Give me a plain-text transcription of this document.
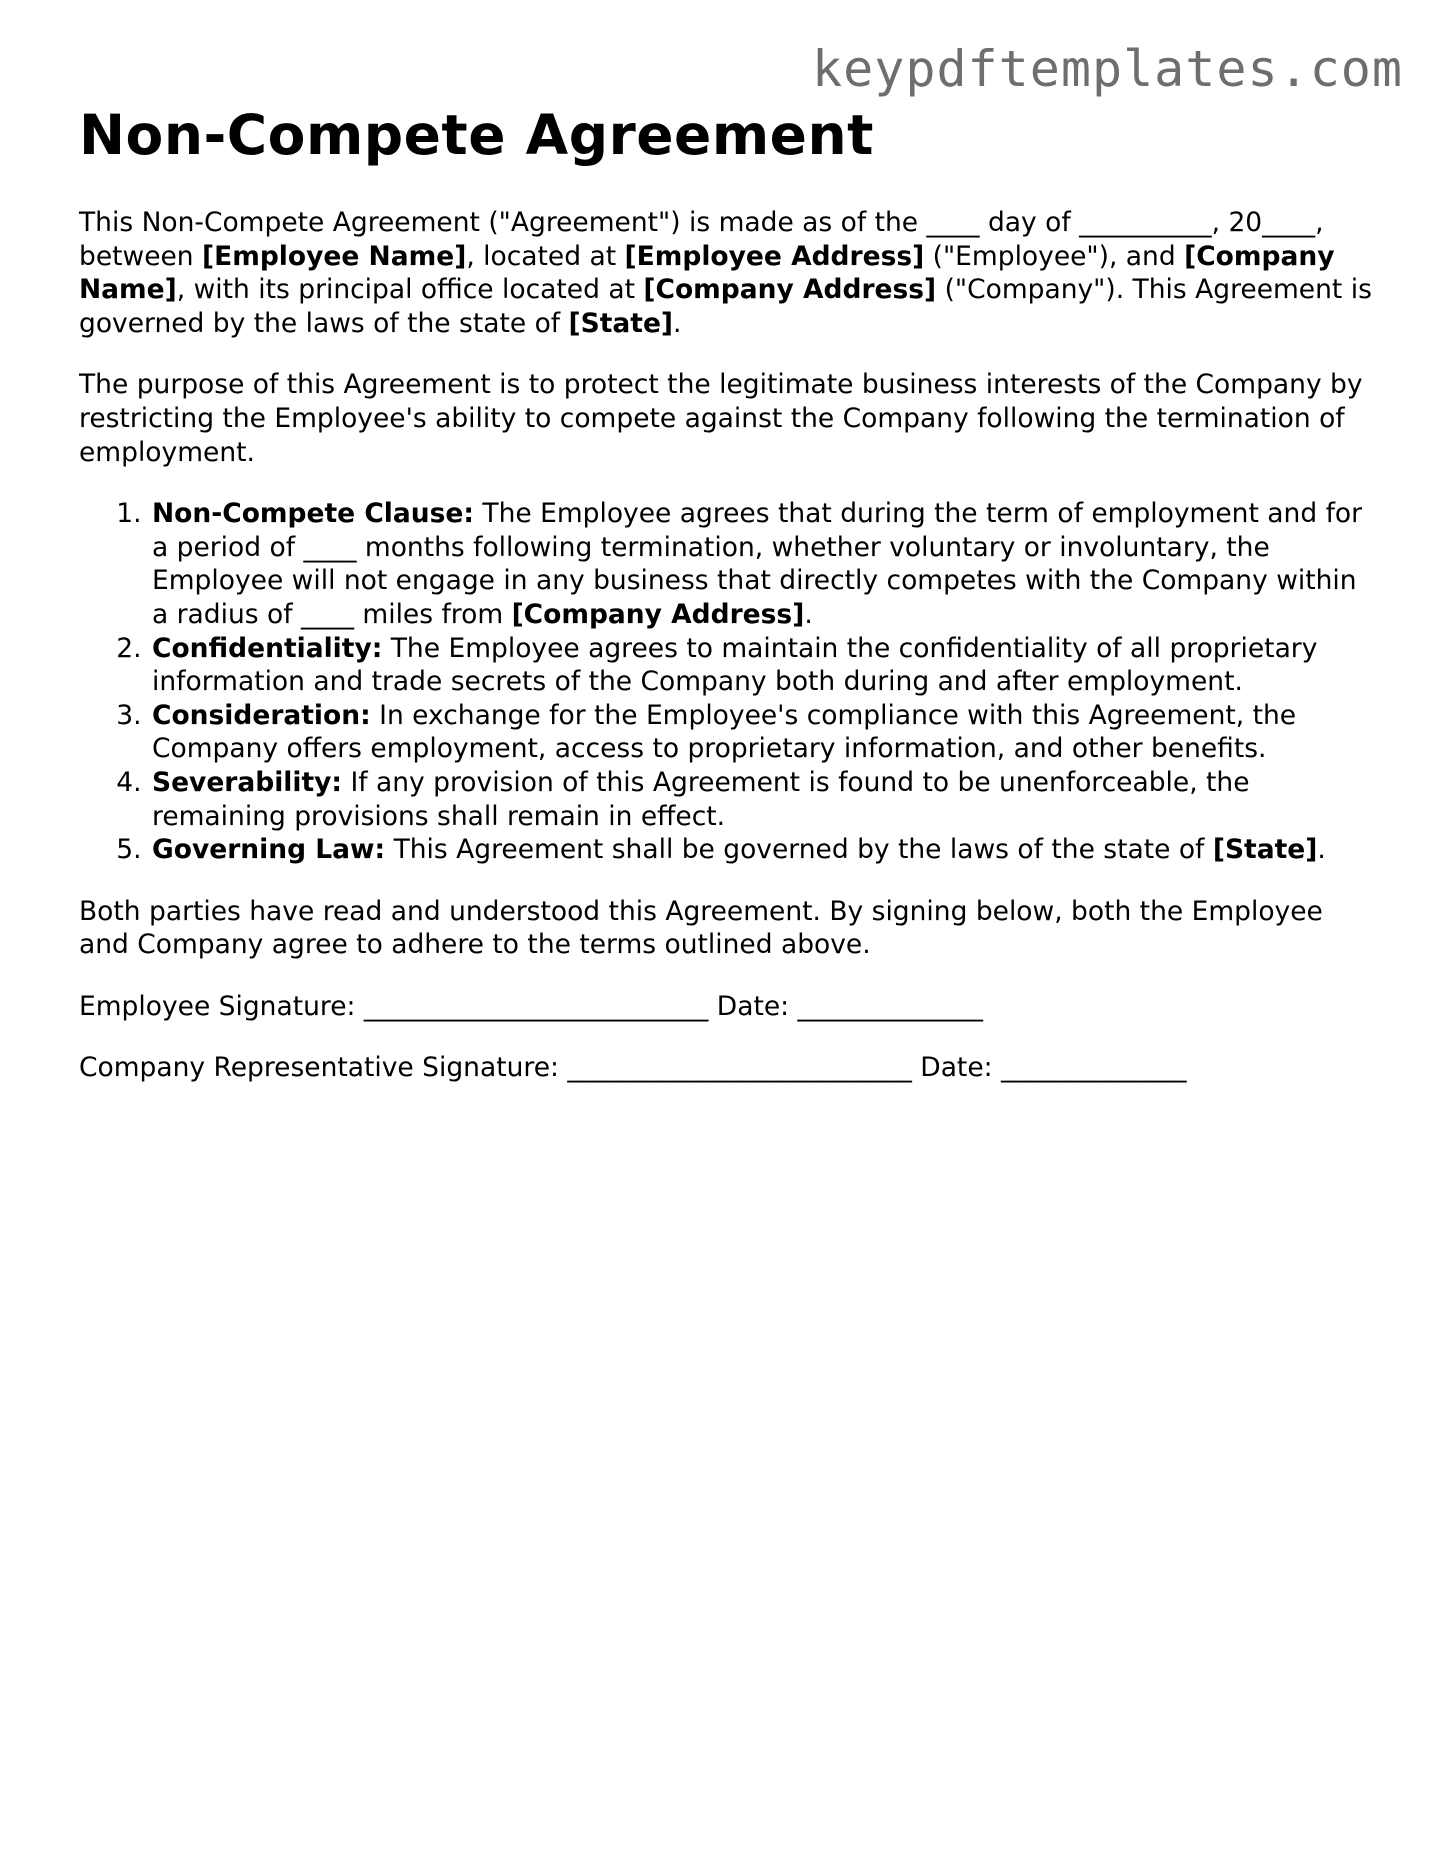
keypdftemplates.com
Non-Compete Agreement

This Non-Compete Agreement ("Agreement") is made as of the ____ day of __________, 20____, between [Employee Name], located at [Employee Address] ("Employee"), and [Company Name], with its principal office located at [Company Address] ("Company"). This Agreement is governed by the laws of the state of [State].

The purpose of this Agreement is to protect the legitimate business interests of the Company by restricting the Employee's ability to compete against the Company following the termination of employment.

1. Non-Compete Clause: The Employee agrees that during the term of employment and for a period of ____ months following termination, whether voluntary or involuntary, the Employee will not engage in any business that directly competes with the Company within a radius of ____ miles from [Company Address].
2. Confidentiality: The Employee agrees to maintain the confidentiality of all proprietary information and trade secrets of the Company both during and after employment.
3. Consideration: In exchange for the Employee's compliance with this Agreement, the Company offers employment, access to proprietary information, and other benefits.
4. Severability: If any provision of this Agreement is found to be unenforceable, the remaining provisions shall remain in effect.
5. Governing Law: This Agreement shall be governed by the laws of the state of [State].

Both parties have read and understood this Agreement. By signing below, both the Employee and Company agree to adhere to the terms outlined above.

Employee Signature: __________________________ Date: ______________
Company Representative Signature: __________________________ Date: ______________
